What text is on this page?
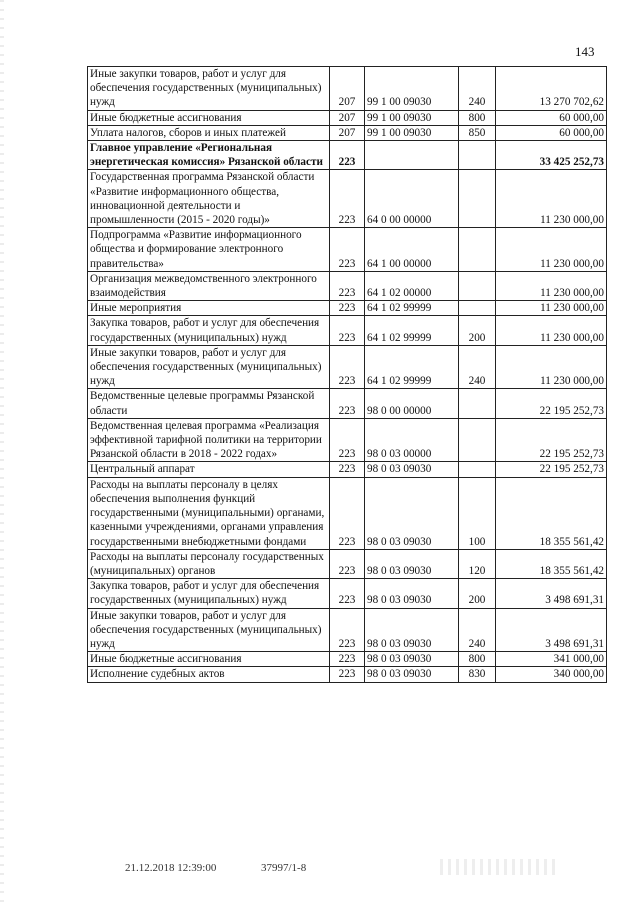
143
Иные закупки товаров, работ и услуг для обеспечения государственных (муниципальных) нужд	207	99 1 00 09030	240	13 270 702,62
Иные бюджетные ассигнования	207	99 1 00 09030	800	60 000,00
Уплата налогов, сборов и иных платежей	207	99 1 00 09030	850	60 000,00
Главное управление «Региональная энергетическая комиссия» Рязанской области	223			33 425 252,73
Государственная программа Рязанской области «Развитие информационного общества, инновационной деятельности и промышленности (2015 - 2020 годы)»	223	64 0 00 00000		11 230 000,00
Подпрограмма «Развитие информационного общества и формирование электронного правительства»	223	64 1 00 00000		11 230 000,00
Организация межведомственного электронного взаимодействия	223	64 1 02 00000		11 230 000,00
Иные мероприятия	223	64 1 02 99999		11 230 000,00
Закупка товаров, работ и услуг для обеспечения государственных (муниципальных) нужд	223	64 1 02 99999	200	11 230 000,00
Иные закупки товаров, работ и услуг для обеспечения государственных (муниципальных) нужд	223	64 1 02 99999	240	11 230 000,00
Ведомственные целевые программы Рязанской области	223	98 0 00 00000		22 195 252,73
Ведомственная целевая программа «Реализация эффективной тарифной политики на территории Рязанской области в 2018 - 2022 годах»	223	98 0 03 00000		22 195 252,73
Центральный аппарат	223	98 0 03 09030		22 195 252,73
Расходы на выплаты персоналу в целях обеспечения выполнения функций государственными (муниципальными) органами, казенными учреждениями, органами управления государственными внебюджетными фондами	223	98 0 03 09030	100	18 355 561,42
Расходы на выплаты персоналу государственных (муниципальных) органов	223	98 0 03 09030	120	18 355 561,42
Закупка товаров, работ и услуг для обеспечения государственных (муниципальных) нужд	223	98 0 03 09030	200	3 498 691,31
Иные закупки товаров, работ и услуг для обеспечения государственных (муниципальных) нужд	223	98 0 03 09030	240	3 498 691,31
Иные бюджетные ассигнования	223	98 0 03 09030	800	341 000,00
Исполнение судебных актов	223	98 0 03 09030	830	340 000,00
21.12.2018 12:39:00	37997/1-8
